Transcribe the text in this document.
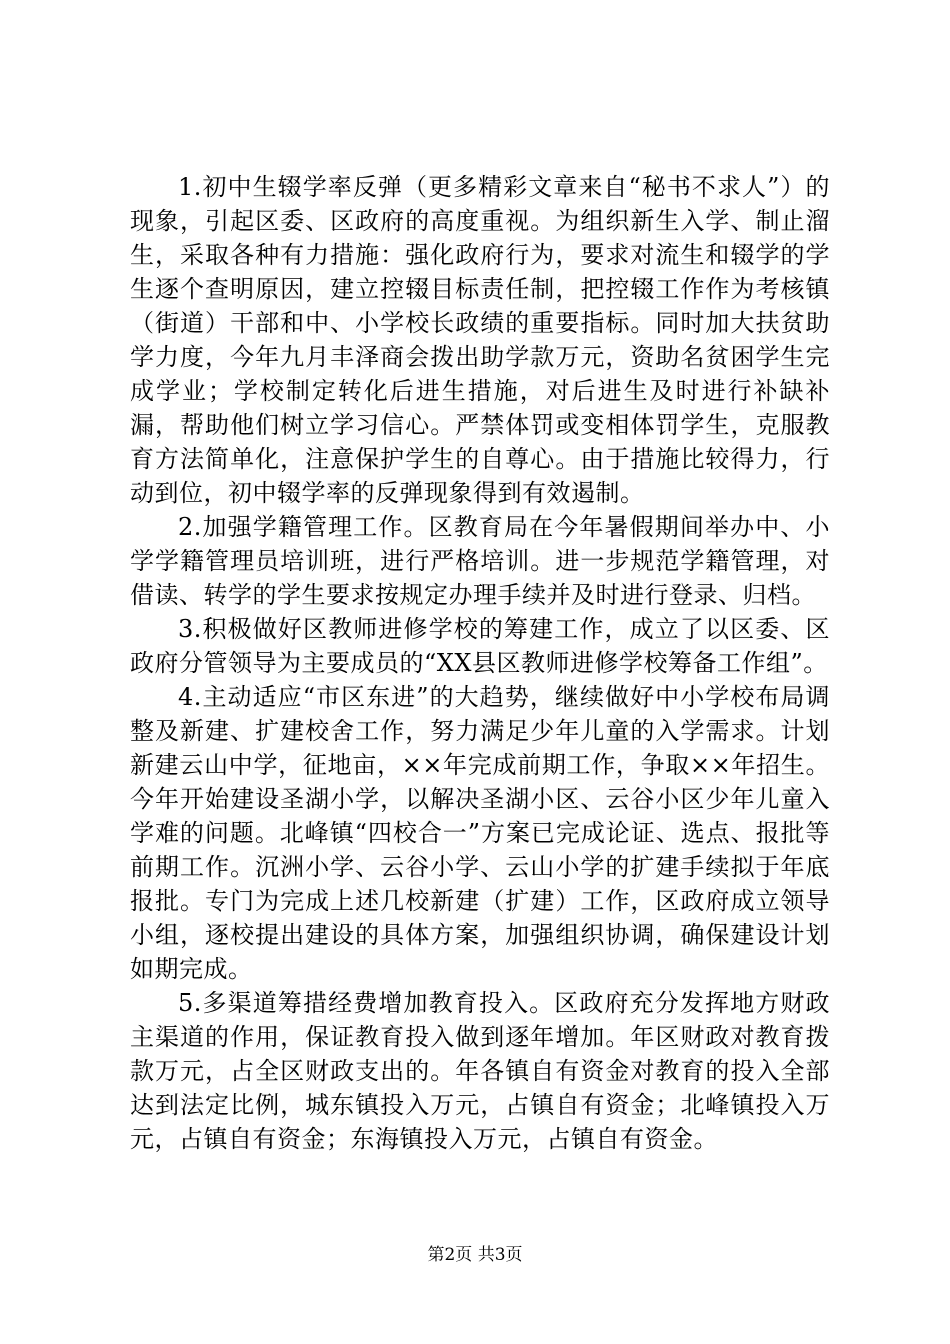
1.初中生辍学率反弹（更多精彩文章来自“秘书不求人”）的现象，引起区委、区政府的高度重视。为组织新生入学、制止溜生，采取各种有力措施：强化政府行为，要求对流生和辍学的学生逐个查明原因，建立控辍目标责任制，把控辍工作作为考核镇（街道）干部和中、小学校长政绩的重要指标。同时加大扶贫助学力度，今年九月丰泽商会拨出助学款万元，资助名贫困学生完成学业；学校制定转化后进生措施，对后进生及时进行补缺补漏，帮助他们树立学习信心。严禁体罚或变相体罚学生，克服教育方法简单化，注意保护学生的自尊心。由于措施比较得力，行动到位，初中辍学率的反弹现象得到有效遏制。

2.加强学籍管理工作。区教育局在今年暑假期间举办中、小学学籍管理员培训班，进行严格培训。进一步规范学籍管理，对借读、转学的学生要求按规定办理手续并及时进行登录、归档。

3.积极做好区教师进修学校的筹建工作，成立了以区委、区政府分管领导为主要成员的“XX县区教师进修学校筹备工作组”。

4.主动适应“市区东进”的大趋势，继续做好中小学校布局调整及新建、扩建校舍工作，努力满足少年儿童的入学需求。计划新建云山中学，征地亩，××年完成前期工作，争取××年招生。今年开始建设圣湖小学，以解决圣湖小区、云谷小区少年儿童入学难的问题。北峰镇“四校合一”方案已完成论证、选点、报批等前期工作。沉洲小学、云谷小学、云山小学的扩建手续拟于年底报批。专门为完成上述几校新建（扩建）工作，区政府成立领导小组，逐校提出建设的具体方案，加强组织协调，确保建设计划如期完成。

5.多渠道筹措经费增加教育投入。区政府充分发挥地方财政主渠道的作用，保证教育投入做到逐年增加。年区财政对教育拨款万元，占全区财政支出的。年各镇自有资金对教育的投入全部达到法定比例，城东镇投入万元，占镇自有资金；北峰镇投入万元，占镇自有资金；东海镇投入万元，占镇自有资金。

第2页 共3页
